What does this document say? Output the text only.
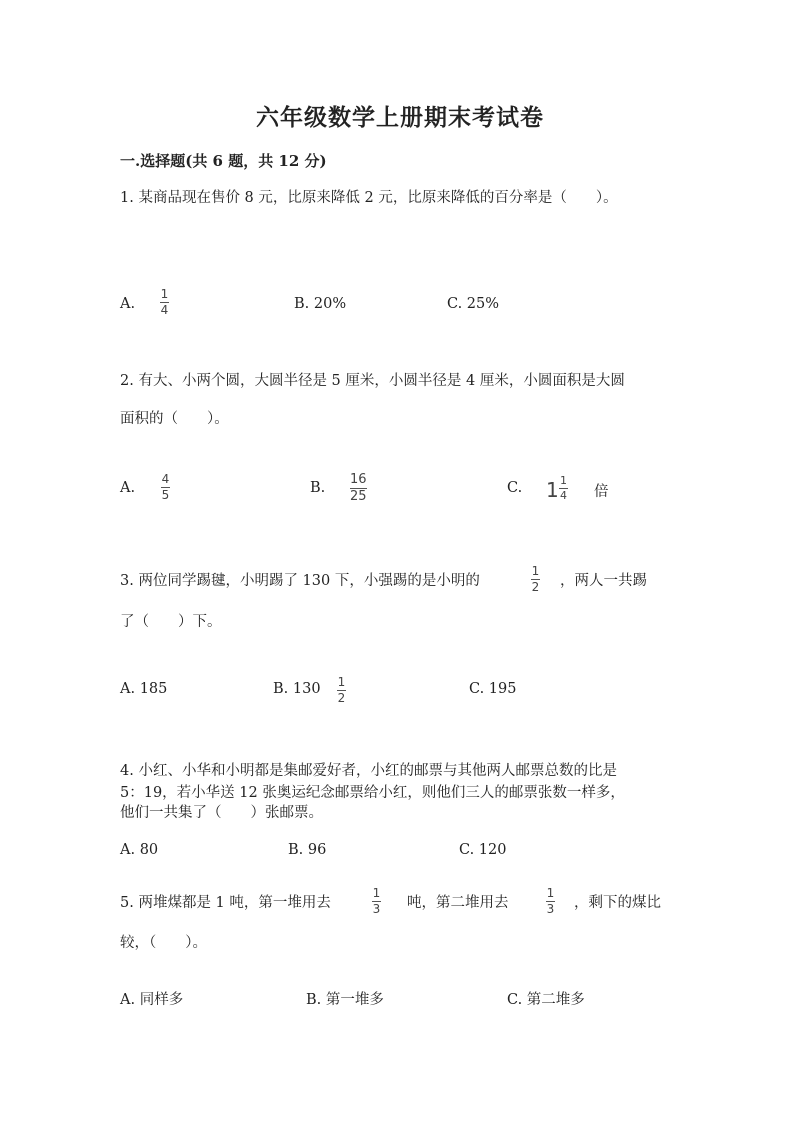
六年级数学上册期末考试卷
一.选择题(共 6 题，共 12 分)
1. 某商品现在售价 8 元，比原来降低 2 元，比原来降低的百分率是（　　）。
A.
1
4	B. 20%	C. 25%
2. 有大、小两个圆，大圆半径是 5 厘米，小圆半径是 4 厘米，小圆面积是大圆
面积的（　　）。
A.
4
5	B.
16
25
C. 1 1
4 倍
3. 两位同学踢毽，小明踢了 130 下，小强踢的是小明的
1
2 ，两人一共踢
了（　　）下。
A. 185	B. 130 1
2
C. 195
4. 小红、小华和小明都是集邮爱好者，小红的邮票与其他两人邮票总数的比是
5：19，若小华送 12 张奥运纪念邮票给小红，则他们三人的邮票张数一样多，
他们一共集了（　　）张邮票。
A. 80	B. 96	C. 120
5. 两堆煤都是 1 吨，第一堆用去
1
3 吨，第二堆用去
1
3 ，剩下的煤比
较，（　　）。
A. 同样多	B. 第一堆多	C. 第二堆多
